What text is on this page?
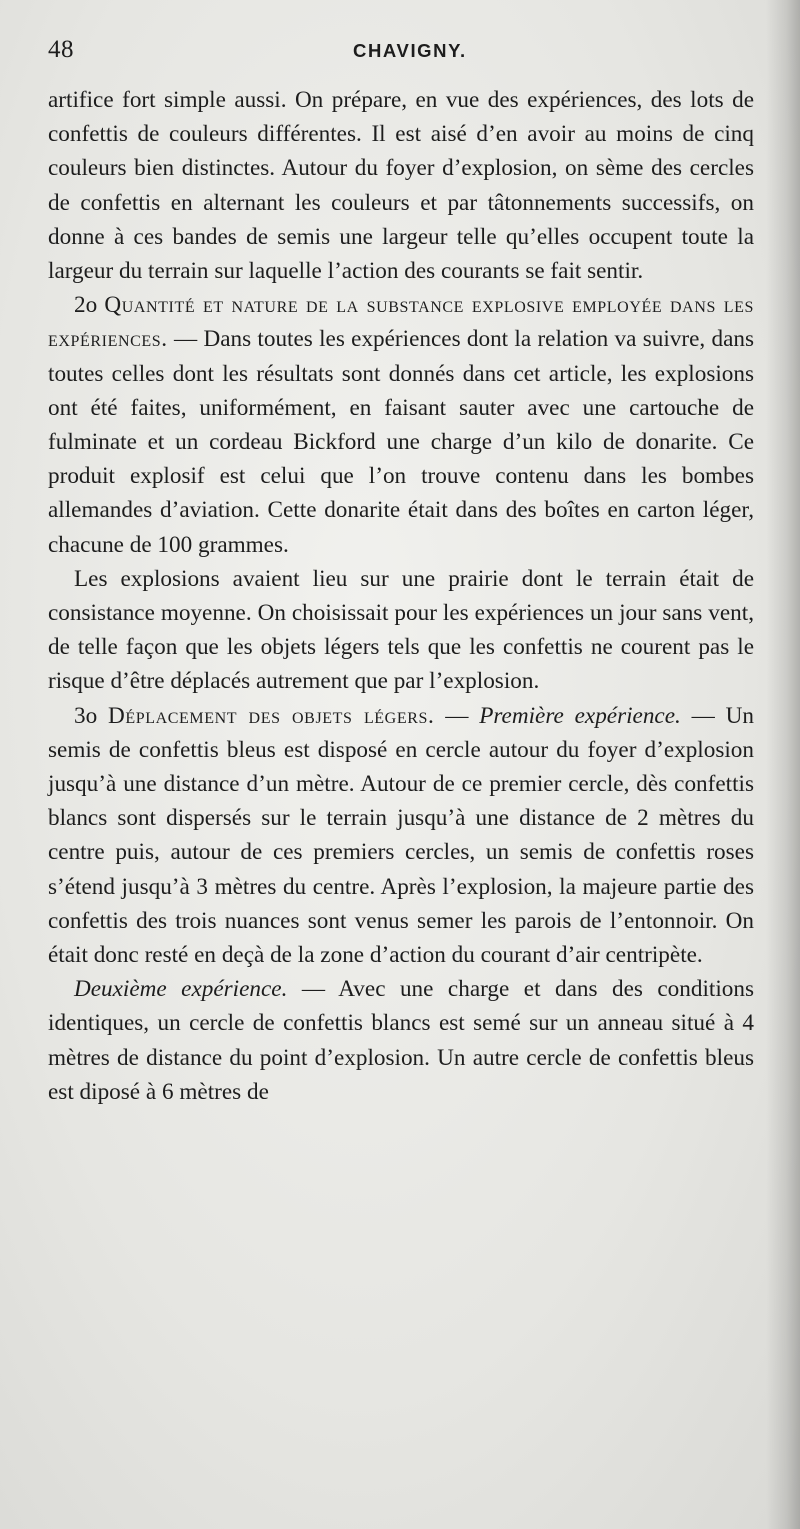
48	CHAVIGNY.

artifice fort simple aussi. On prépare, en vue des expériences, des lots de confettis de couleurs différentes. Il est aisé d’en avoir au moins de cinq couleurs bien distinctes. Autour du foyer d’explosion, on sème des cercles de confettis en alternant les couleurs et par tâtonnements successifs, on donne à ces bandes de semis une largeur telle qu’elles occupent toute la largeur du terrain sur laquelle l’action des courants se fait sentir.

2o Quantité et nature de la substance explosive employée dans les expériences. — Dans toutes les expériences dont la relation va suivre, dans toutes celles dont les résultats sont donnés dans cet article, les explosions ont été faites, uniformément, en faisant sauter avec une cartouche de fulminate et un cordeau Bickford une charge d’un kilo de donarite. Ce produit explosif est celui que l’on trouve contenu dans les bombes allemandes d’aviation. Cette donarite était dans des boîtes en carton léger, chacune de 100 grammes.

Les explosions avaient lieu sur une prairie dont le terrain était de consistance moyenne. On choisissait pour les expériences un jour sans vent, de telle façon que les objets légers tels que les confettis ne courent pas le risque d’être déplacés autrement que par l’explosion.

3o Déplacement des objets légers. — Première expérience. — Un semis de confettis bleus est disposé en cercle autour du foyer d’explosion jusqu’à une distance d’un mètre. Autour de ce premier cercle, dès confettis blancs sont dispersés sur le terrain jusqu’à une distance de 2 mètres du centre puis, autour de ces premiers cercles, un semis de confettis roses s’étend jusqu’à 3 mètres du centre. Après l’explosion, la majeure partie des confettis des trois nuances sont venus semer les parois de l’entonnoir. On était donc resté en deçà de la zone d’action du courant d’air centripète.

Deuxième expérience. — Avec une charge et dans des conditions identiques, un cercle de confettis blancs est semé sur un anneau situé à 4 mètres de distance du point d’explosion. Un autre cercle de confettis bleus est diposé à 6 mètres de
